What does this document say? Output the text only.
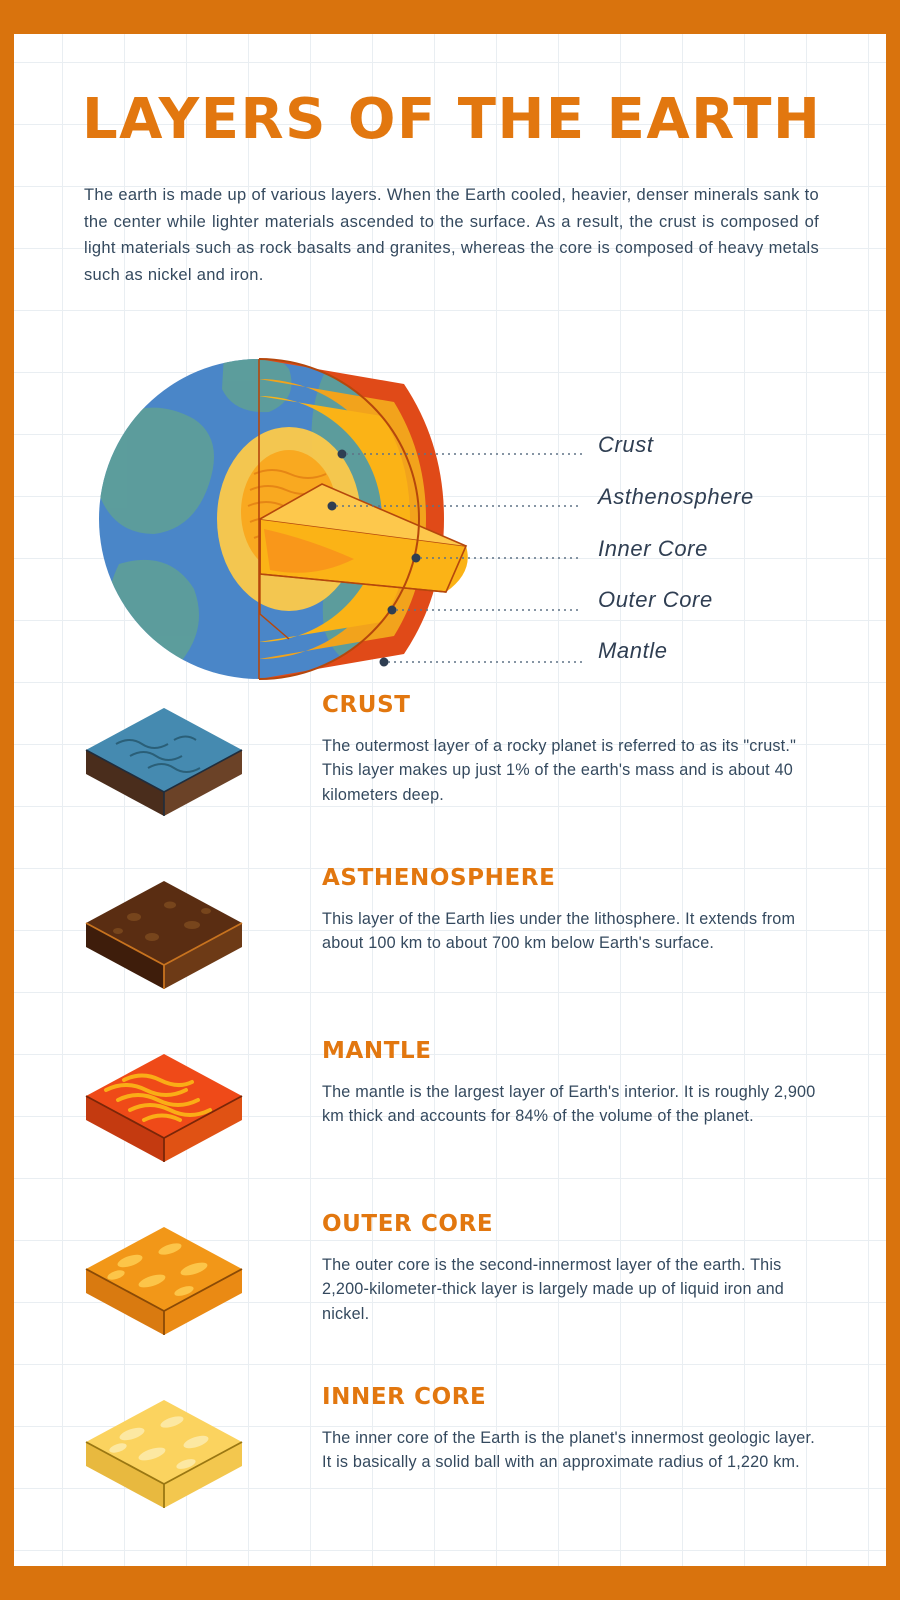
LAYERS OF THE EARTH
The earth is made up of various layers. When the Earth cooled, heavier, denser minerals sank to the center while lighter materials ascended to the surface. As a result, the crust is composed of light materials such as rock basalts and granites, whereas the core is composed of heavy metals such as nickel and iron.
Crust
Asthenosphere
Inner Core
Outer Core
Mantle
CRUST
The outermost layer of a rocky planet is referred to as its "crust." This layer makes up just 1% of the earth's mass and is about 40 kilometers deep.
ASTHENOSPHERE
This layer of the Earth lies under the lithosphere. It extends from about 100 km to about 700 km below Earth's surface.
MANTLE
The mantle is the largest layer of Earth's interior. It is roughly 2,900 km thick and accounts for 84% of the volume of the planet.
OUTER CORE
The outer core is the second-innermost layer of the earth. This 2,200-kilometer-thick layer is largely made up of liquid iron and nickel.
INNER CORE
The inner core of the Earth is the planet's innermost geologic layer. It is basically a solid ball with an approximate radius of 1,220 km.
